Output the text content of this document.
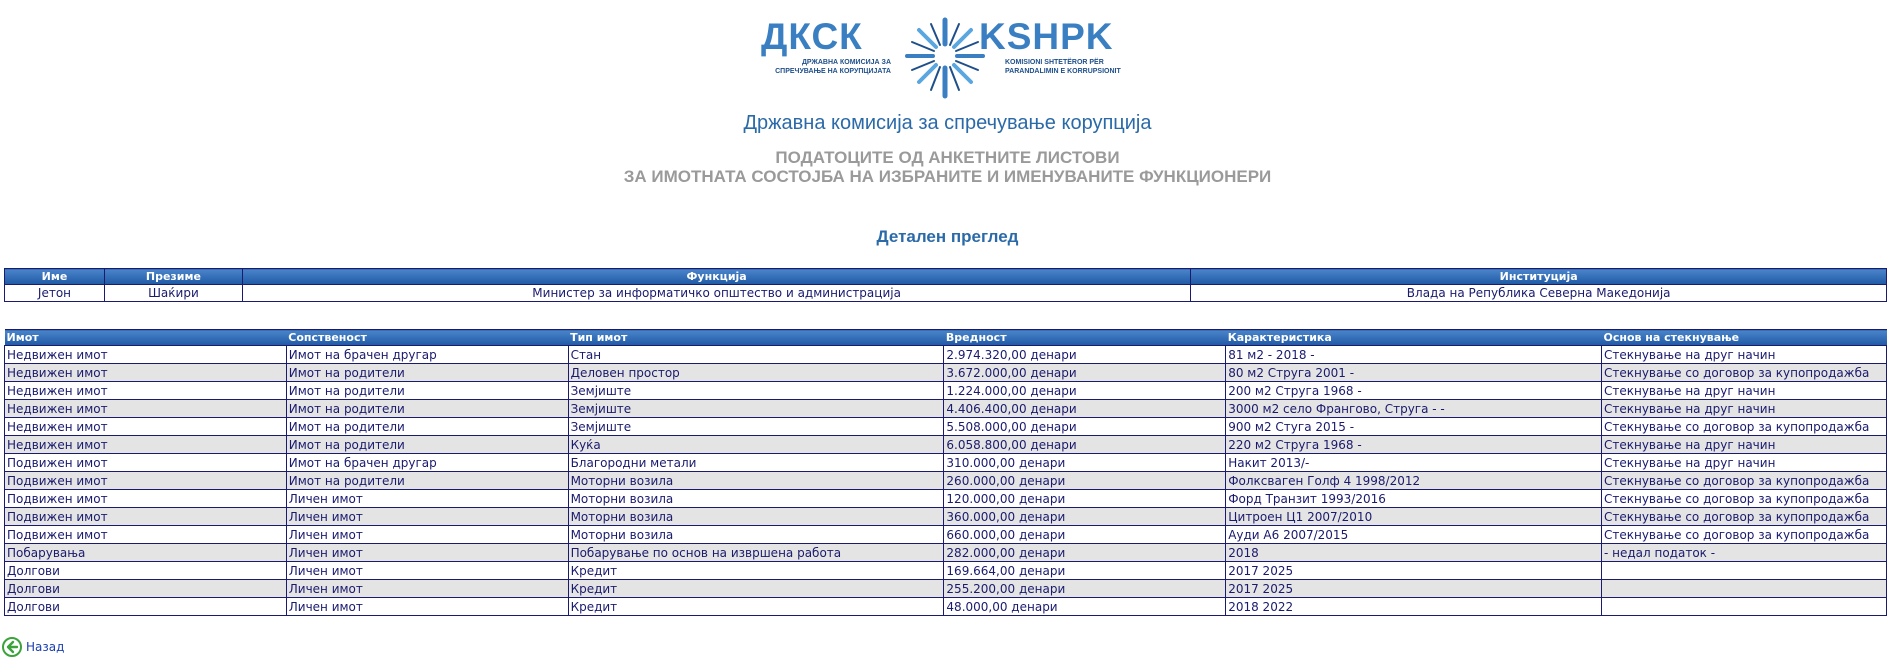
ДКСК	KSHPK
ДРЖАВНА КОМИСИЈА ЗА
СПРЕЧУВАЊЕ НА КОРУПЦИЈАТА
KOMISIONI SHTETËROR PËR
PARANDALIMIN E KORRUPSIONIT
Државна комисија за спречување корупција
ПОДАТОЦИТЕ ОД АНКЕТНИТЕ ЛИСТОВИ
ЗА ИМОТНАТА СОСТОЈБА НА ИЗБРАНИТЕ И ИМЕНУВАНИТЕ ФУНКЦИОНЕРИ
Детален преглед
Име	Презиме	Функција	Институција
Јетон	Шаќири	Министер за информатичко општество и администрација	Влада на Република Северна Македонија
Имот	Сопственост	Тип имот	Вредност	Карактеристика	Основ на стекнување
Недвижен имот	Имот на брачен другар	Стан	2.974.320,00 денари	81 м2 - 2018 -	Стекнување на друг начин
Недвижен имот	Имот на родители	Деловен простор	3.672.000,00 денари	80 м2 Струга 2001 -	Стекнување со договор за купопродажба
Недвижен имот	Имот на родители	Земјиште	1.224.000,00 денари	200 м2 Струга 1968 -	Стекнување на друг начин
Недвижен имот	Имот на родители	Земјиште	4.406.400,00 денари	3000 м2 село Франгово, Струга - -	Стекнување на друг начин
Недвижен имот	Имот на родители	Земјиште	5.508.000,00 денари	900 м2 Стуга 2015 -	Стекнување со договор за купопродажба
Недвижен имот	Имот на родители	Куќа	6.058.800,00 денари	220 м2 Струга 1968 -	Стекнување на друг начин
Подвижен имот	Имот на брачен другар	Благородни метали	310.000,00 денари	Накит 2013/-	Стекнување на друг начин
Подвижен имот	Имот на родители	Моторни возила	260.000,00 денари	Фолксваген Голф 4 1998/2012	Стекнување со договор за купопродажба
Подвижен имот	Личен имот	Моторни возила	120.000,00 денари	Форд Транзит 1993/2016	Стекнување со договор за купопродажба
Подвижен имот	Личен имот	Моторни возила	360.000,00 денари	Цитроен Ц1 2007/2010	Стекнување со договор за купопродажба
Подвижен имот	Личен имот	Моторни возила	660.000,00 денари	Ауди А6 2007/2015	Стекнување со договор за купопродажба
Побарувања	Личен имот	Побарување по основ на извршена работа	282.000,00 денари	2018	- недал податок -
Долгови	Личен имот	Кредит	169.664,00 денари	2017 2025	
Долгови	Личен имот	Кредит	255.200,00 денари	2017 2025	
Долгови	Личен имот	Кредит	48.000,00 денари	2018 2022	
Назад
